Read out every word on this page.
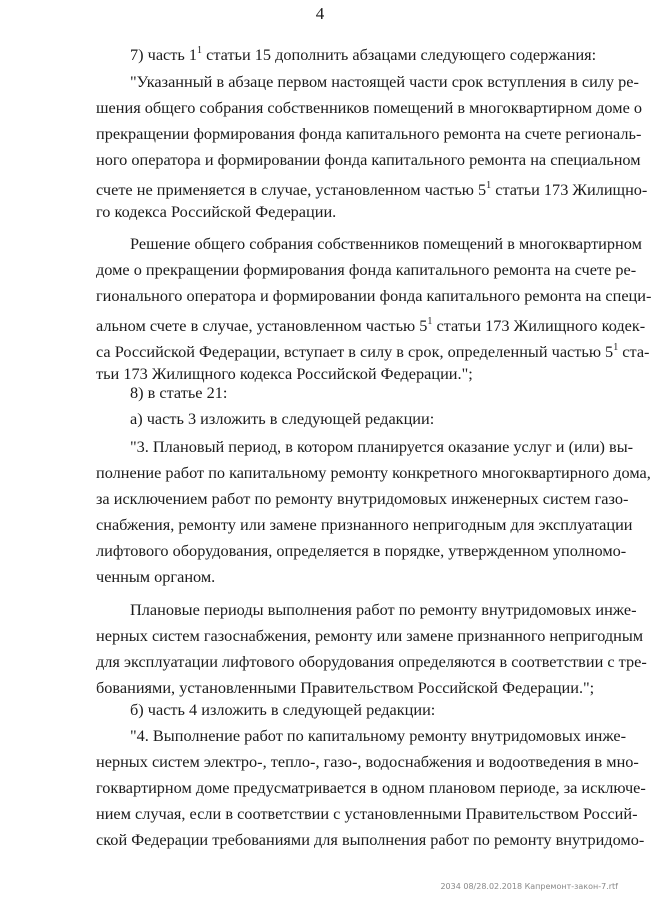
4
7) часть $1^1$ статьи 15 дополнить абзацами следующего содержания:
"Указанный в абзаце первом настоящей части срок вступления в силу ре-
шения общего собрания собственников помещений в многоквартирном доме о
прекращении формирования фонда капитального ремонта на счете региональ-
ного оператора и формировании фонда капитального ремонта на специальном
счете не применяется в случае, установленном частью $5^1$ статьи 173 Жилищно-
го кодекса Российской Федерации.
Решение общего собрания собственников помещений в многоквартирном
доме о прекращении формирования фонда капитального ремонта на счете ре-
гионального оператора и формировании фонда капитального ремонта на специ-
альном счете в случае, установленном частью $5^1$ статьи 173 Жилищного кодек-
са Российской Федерации, вступает в силу в срок, определенный частью $5^1$ ста-
тьи 173 Жилищного кодекса Российской Федерации.";
8) в статье 21:
а) часть 3 изложить в следующей редакции:
"3. Плановый период, в котором планируется оказание услуг и (или) вы-
полнение работ по капитальному ремонту конкретного многоквартирного дома,
за исключением работ по ремонту внутридомовых инженерных систем газо-
снабжения, ремонту или замене признанного непригодным для эксплуатации
лифтового оборудования, определяется в порядке, утвержденном уполномо-
ченным органом.
Плановые периоды выполнения работ по ремонту внутридомовых инже-
нерных систем газоснабжения, ремонту или замене признанного непригодным
для эксплуатации лифтового оборудования определяются в соответствии с тре-
бованиями, установленными Правительством Российской Федерации.";
б) часть 4 изложить в следующей редакции:
"4. Выполнение работ по капитальному ремонту внутридомовых инже-
нерных систем электро-, тепло-, газо-, водоснабжения и водоотведения в мно-
гоквартирном доме предусматривается в одном плановом периоде, за исключе-
нием случая, если в соответствии с установленными Правительством Россий-
ской Федерации требованиями для выполнения работ по ремонту внутридомо-
2034 08/28.02.2018 Капремонт-закон-7.rtf
